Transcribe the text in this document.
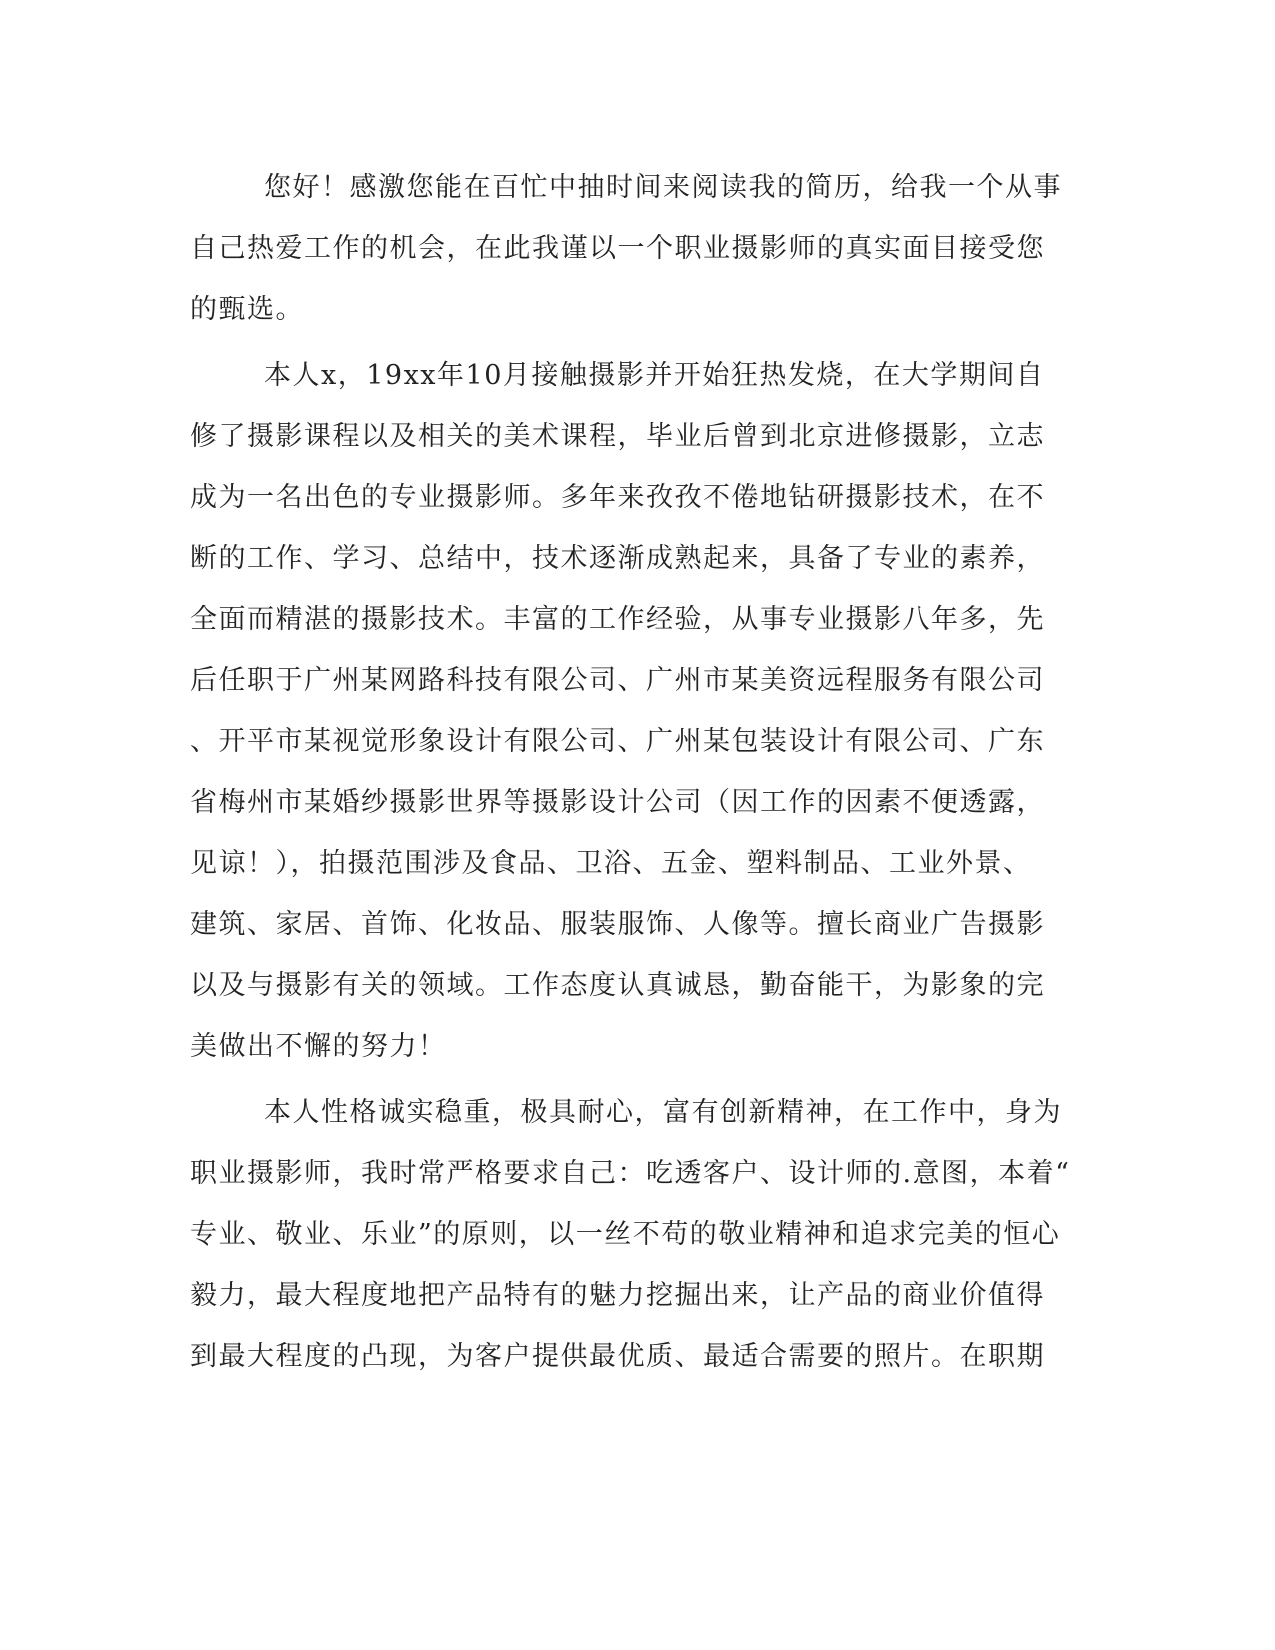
您好！感激您能在百忙中抽时间来阅读我的简历，给我一个从事

自己热爱工作的机会，在此我谨以一个职业摄影师的真实面目接受您

的甄选。

本人x，19xx年10月接触摄影并开始狂热发烧，在大学期间自

修了摄影课程以及相关的美术课程，毕业后曾到北京进修摄影，立志

成为一名出色的专业摄影师。多年来孜孜不倦地钻研摄影技术，在不

断的工作、学习、总结中，技术逐渐成熟起来，具备了专业的素养，

全面而精湛的摄影技术。丰富的工作经验，从事专业摄影八年多，先

后任职于广州某网路科技有限公司、广州市某美资远程服务有限公司

、开平市某视觉形象设计有限公司、广州某包装设计有限公司、广东

省梅州市某婚纱摄影世界等摄影设计公司（因工作的因素不便透露，

见谅！），拍摄范围涉及食品、卫浴、五金、塑料制品、工业外景、

建筑、家居、首饰、化妆品、服装服饰、人像等。擅长商业广告摄影

以及与摄影有关的领域。工作态度认真诚恳，勤奋能干，为影象的完

美做出不懈的努力！

本人性格诚实稳重，极具耐心，富有创新精神，在工作中，身为

职业摄影师，我时常严格要求自己：吃透客户、设计师的.意图，本着“

专业、敬业、乐业”的原则，以一丝不苟的敬业精神和追求完美的恒心

毅力，最大程度地把产品特有的魅力挖掘出来，让产品的商业价值得

到最大程度的凸现，为客户提供最优质、最适合需要的照片。在职期
